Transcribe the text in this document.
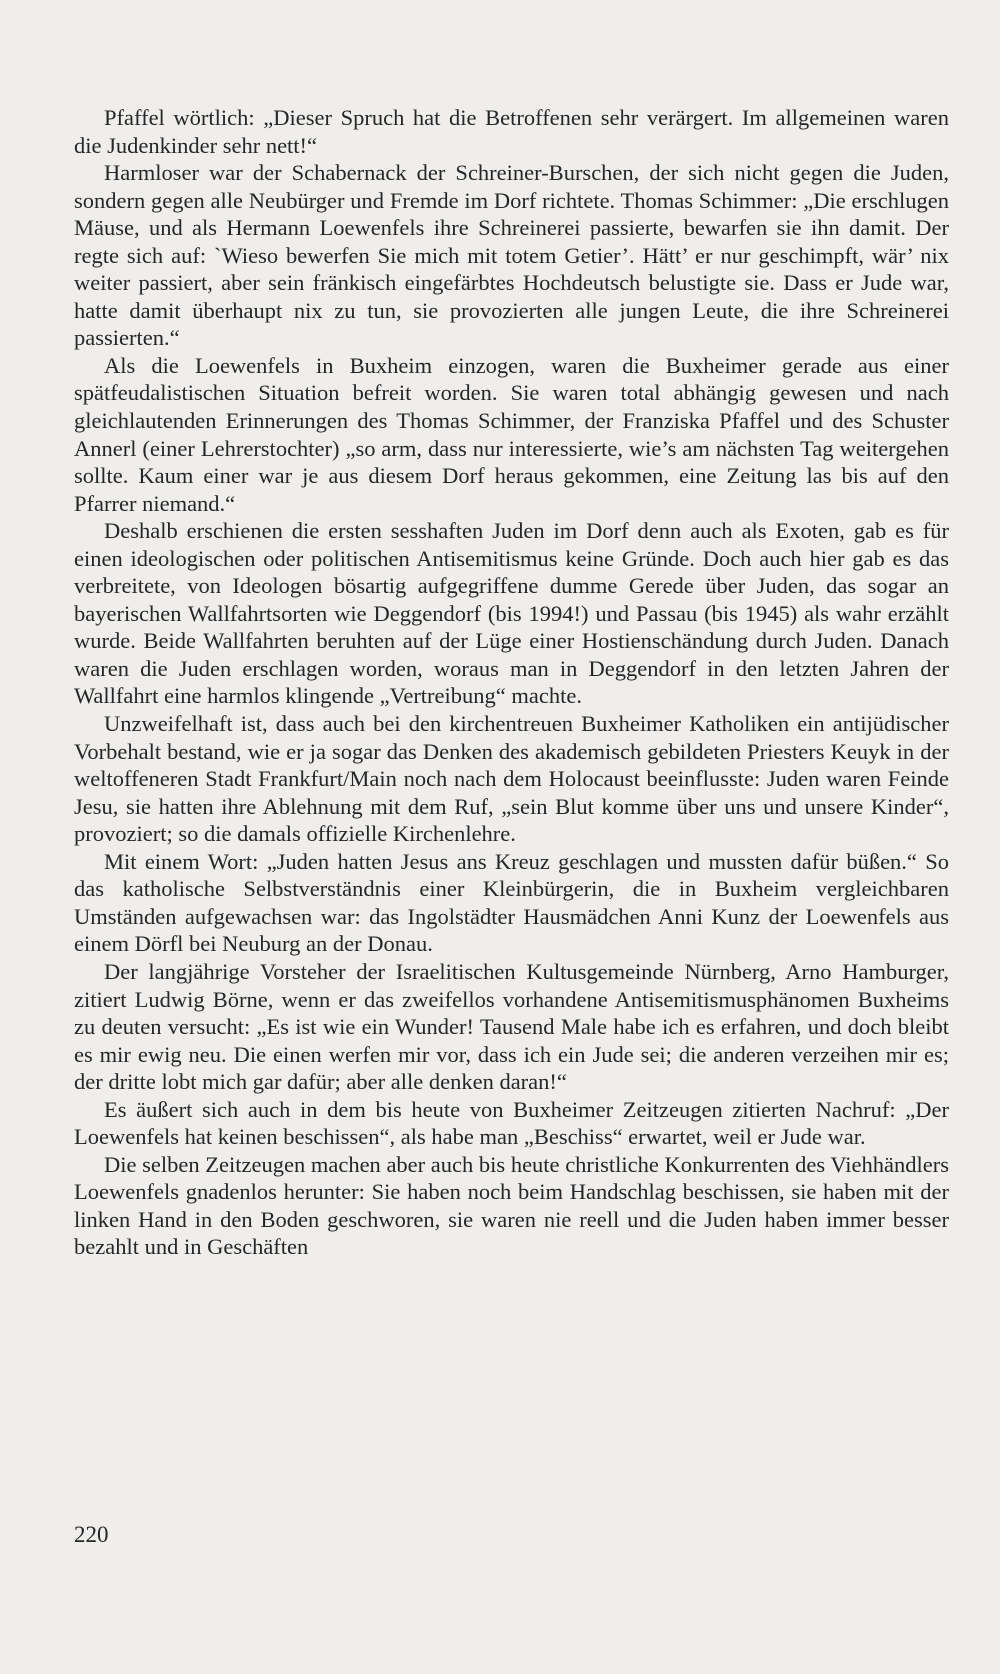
Pfaffel wörtlich: „Dieser Spruch hat die Betroffenen sehr verärgert. Im allgemeinen waren die Judenkinder sehr nett!“

Harmloser war der Schabernack der Schreiner-Burschen, der sich nicht gegen die Juden, sondern gegen alle Neubürger und Fremde im Dorf richtete. Thomas Schimmer: „Die erschlugen Mäuse, und als Hermann Loewenfels ihre Schreinerei passierte, bewarfen sie ihn damit. Der regte sich auf: `Wieso bewerfen Sie mich mit totem Getier’. Hätt’ er nur geschimpft, wär’ nix weiter passiert, aber sein fränkisch eingefärbtes Hochdeutsch belustigte sie. Dass er Jude war, hatte damit überhaupt nix zu tun, sie provozierten alle jungen Leute, die ihre Schreinerei passierten.“

Als die Loewenfels in Buxheim einzogen, waren die Buxheimer gerade aus einer spätfeudalistischen Situation befreit worden. Sie waren total abhängig gewesen und nach gleichlautenden Erinnerungen des Thomas Schimmer, der Franziska Pfaffel und des Schuster Annerl (einer Lehrerstochter) „so arm, dass nur interessierte, wie’s am nächsten Tag weitergehen sollte. Kaum einer war je aus diesem Dorf heraus gekommen, eine Zeitung las bis auf den Pfarrer niemand.“

Deshalb erschienen die ersten sesshaften Juden im Dorf denn auch als Exoten, gab es für einen ideologischen oder politischen Antisemitismus keine Gründe. Doch auch hier gab es das verbreitete, von Ideologen bösartig aufgegriffene dumme Gerede über Juden, das sogar an bayerischen Wallfahrtsorten wie Deggendorf (bis 1994!) und Passau (bis 1945) als wahr erzählt wurde. Beide Wallfahrten beruhten auf der Lüge einer Hostienschändung durch Juden. Danach waren die Juden erschlagen worden, woraus man in Deggendorf in den letzten Jahren der Wallfahrt eine harmlos klingende „Vertreibung“ machte.

Unzweifelhaft ist, dass auch bei den kirchentreuen Buxheimer Katholiken ein antijüdischer Vorbehalt bestand, wie er ja sogar das Denken des akademisch gebildeten Priesters Keuyk in der weltoffeneren Stadt Frankfurt/Main noch nach dem Holocaust beeinflusste: Juden waren Feinde Jesu, sie hatten ihre Ablehnung mit dem Ruf, „sein Blut komme über uns und unsere Kinder“, provoziert; so die damals offizielle Kirchenlehre.

Mit einem Wort: „Juden hatten Jesus ans Kreuz geschlagen und mussten dafür büßen.“ So das katholische Selbstverständnis einer Kleinbürgerin, die in Buxheim vergleichbaren Umständen aufgewachsen war: das Ingolstädter Hausmädchen Anni Kunz der Loewenfels aus einem Dörfl bei Neuburg an der Donau.

Der langjährige Vorsteher der Israelitischen Kultusgemeinde Nürnberg, Arno Hamburger, zitiert Ludwig Börne, wenn er das zweifellos vorhandene Antisemitismusphänomen Buxheims zu deuten versucht: „Es ist wie ein Wunder! Tausend Male habe ich es erfahren, und doch bleibt es mir ewig neu. Die einen werfen mir vor, dass ich ein Jude sei; die anderen verzeihen mir es; der dritte lobt mich gar dafür; aber alle denken daran!“

Es äußert sich auch in dem bis heute von Buxheimer Zeitzeugen zitierten Nachruf: „Der Loewenfels hat keinen beschissen“, als habe man „Beschiss“ erwartet, weil er Jude war.

Die selben Zeitzeugen machen aber auch bis heute christliche Konkurrenten des Viehhändlers Loewenfels gnadenlos herunter: Sie haben noch beim Handschlag beschissen, sie haben mit der linken Hand in den Boden geschworen, sie waren nie reell und die Juden haben immer besser bezahlt und in Geschäften

220
